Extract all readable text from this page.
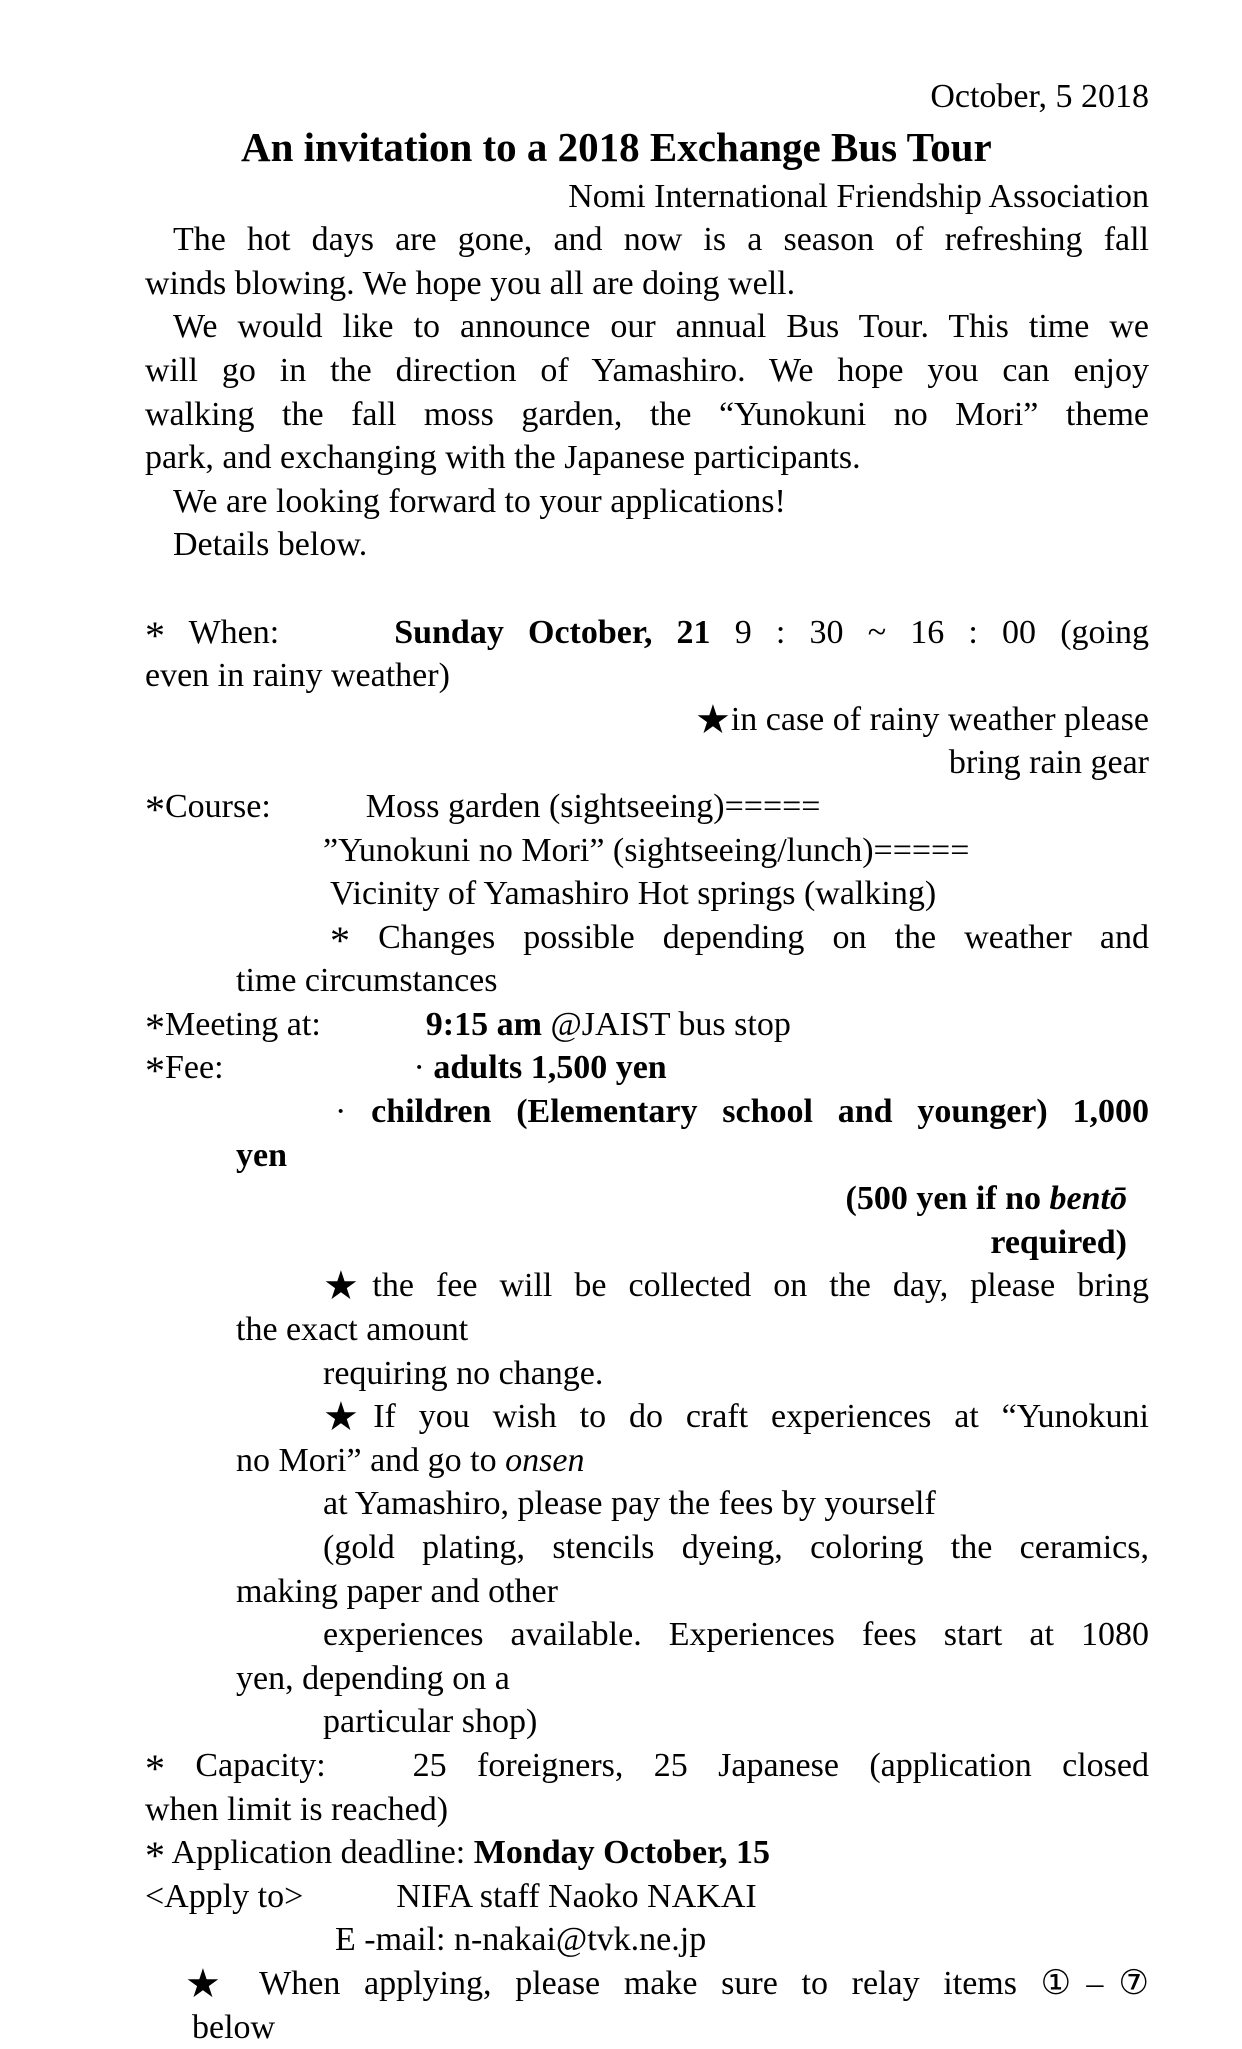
October, 5 2018
An invitation to a 2018 Exchange Bus Tour
Nomi International Friendship Association
The hot days are gone, and now is a season of refreshing fall
winds blowing. We hope you all are doing well.
We would like to announce our annual Bus Tour. This time we
will go in the direction of Yamashiro. We hope you can enjoy
walking the fall moss garden, the “Yunokuni no Mori” theme
park, and exchanging with the Japanese participants.
We are looking forward to your applications!
Details below.
* When:	Sunday October, 21 9 : 30 ~ 16 : 00 (going
even in rainy weather)
★in case of rainy weather please
bring rain gear
*Course:	Moss garden (sightseeing)=====
”Yunokuni no Mori” (sightseeing/lunch)=====
Vicinity of Yamashiro Hot springs (walking)
* Changes possible depending on the weather and
time circumstances
*Meeting at:	9:15 am @JAIST bus stop
*Fee:	· adults 1,500 yen
· children (Elementary school and younger) 1,000
yen
(500 yen if no bentō
required)
★the fee will be collected on the day, please bring
the exact amount
requiring no change.
★If you wish to do craft experiences at “Yunokuni
no Mori” and go to onsen
at Yamashiro, please pay the fees by yourself
(gold plating, stencils dyeing, coloring the ceramics,
making paper and other
experiences available. Experiences fees start at 1080
yen, depending on a
particular shop)
* Capacity:	25 foreigners, 25 Japanese (application closed
when limit is reached)
* Application deadline: Monday October, 15
<Apply to>	NIFA staff Naoko NAKAI
E -mail: n-nakai@tvk.ne.jp
★ When applying, please make sure to relay items ①–⑦
below
